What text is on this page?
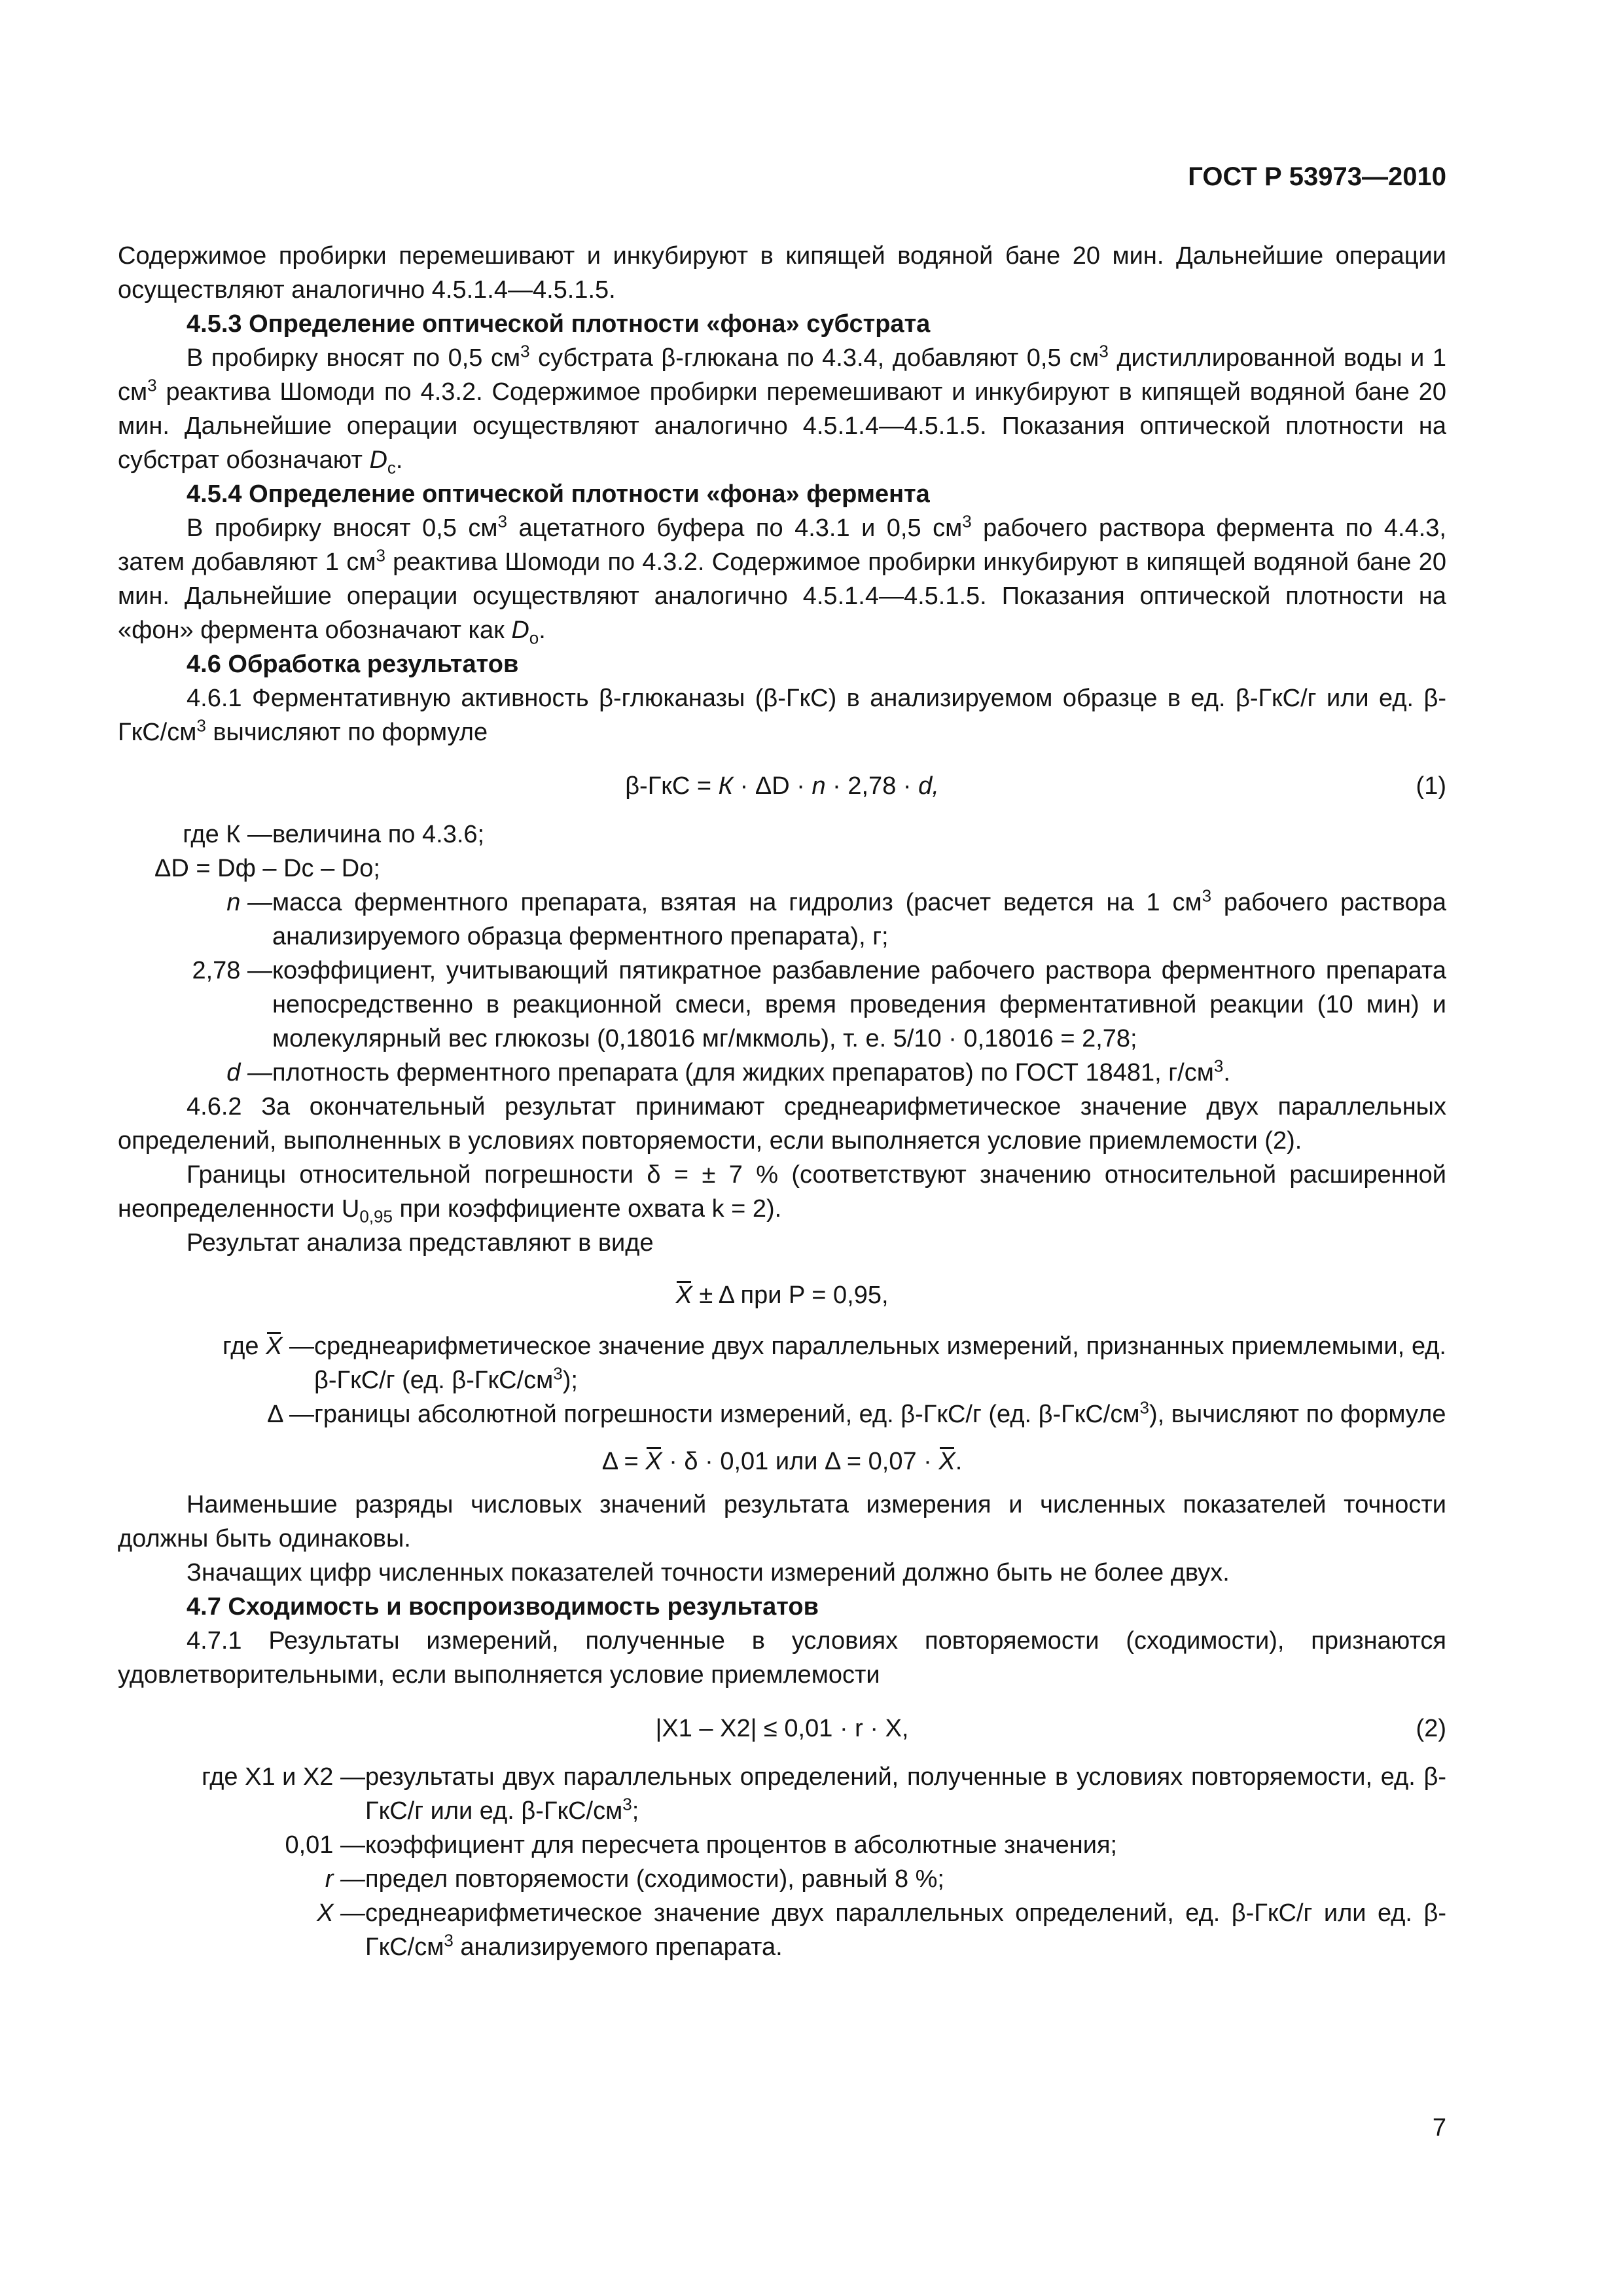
ГОСТ Р 53973—2010

Содержимое пробирки перемешивают и инкубируют в кипящей водяной бане 20 мин. Дальнейшие операции осуществляют аналогично 4.5.1.4—4.5.1.5.

4.5.3 Определение оптической плотности «фона» субстрата

В пробирку вносят по 0,5 $см^3$ субстрата β-глюкана по 4.3.4, добавляют 0,5 $см^3$ дистиллированной воды и 1 $см^3$ реактива Шомоди по 4.3.2. Содержимое пробирки перемешивают и инкубируют в кипящей водяной бане 20 мин. Дальнейшие операции осуществляют аналогично 4.5.1.4—4.5.1.5. Показания оптической плотности на субстрат обозначают $D_с$.

4.5.4 Определение оптической плотности «фона» фермента

В пробирку вносят 0,5 $см^3$ ацетатного буфера по 4.3.1 и 0,5 $см^3$ рабочего раствора фермента по 4.4.3, затем добавляют 1 $см^3$ реактива Шомоди по 4.3.2. Содержимое пробирки инкубируют в кипящей водяной бане 20 мин. Дальнейшие операции осуществляют аналогично 4.5.1.4—4.5.1.5. Показания оптической плотности на «фон» фермента обозначают как $D_о$.

4.6 Обработка результатов

4.6.1 Ферментативную активность β-глюканазы (β-ГкС) в анализируемом образце в ед. β-ГкС/г или ед. $\beta-ГкС/см^3$ вычисляют по формуле

β-ГкС = К · ΔD · n · 2,78 · d,	(1)
где К — величина по 4.3.6;
ΔD = Dф – Dс – Dо;
n — масса ферментного препарата, взятая на гидролиз (расчет ведется на 1 $см^3$ рабочего раствора анализируемого образца ферментного препарата), г;
2,78 — коэффициент, учитывающий пятикратное разбавление рабочего раствора ферментного препарата непосредственно в реакционной смеси, время проведения ферментативной реакции (10 мин) и молекулярный вес глюкозы (0,18016 мг/мкмоль), т. е. 5/10 · 0,18016 = 2,78;
d — плотность ферментного препарата (для жидких препаратов) по ГОСТ 18481, $г/см^3$.

4.6.2 За окончательный результат принимают среднеарифметическое значение двух параллельных определений, выполненных в условиях повторяемости, если выполняется условие приемлемости (2).

Границы относительной погрешности δ = ± 7 % (соответствуют значению относительной расширенной неопределенности $U_{0,95}$ при коэффициенте охвата k = 2).

Результат анализа представляют в виде

X ± Δ при P = 0,95,
где X — среднеарифметическое значение двух параллельных измерений, признанных приемлемыми, ед. β-ГкС/г (ед. $\beta-ГкС/см^3$);
Δ — границы абсолютной погрешности измерений, ед. β-ГкС/г (ед. $\beta-ГкС/см^3$), вычисляют по формуле
Δ = X · δ · 0,01 или Δ = 0,07 · X.

Наименьшие разряды числовых значений результата измерения и численных показателей точности должны быть одинаковы.

Значащих цифр численных показателей точности измерений должно быть не более двух.

4.7 Сходимость и воспроизводимость результатов

4.7.1 Результаты измерений, полученные в условиях повторяемости (сходимости), признаются удовлетворительными, если выполняется условие приемлемости

|X1 – X2| ≤ 0,01 · r · X,	(2)
где X1 и X2 — результаты двух параллельных определений, полученные в условиях повторяемости, ед. β-ГкС/г или ед. $\beta-ГкС/см^3$;
0,01 — коэффициент для пересчета процентов в абсолютные значения;
r — предел повторяемости (сходимости), равный 8 %;
X — среднеарифметическое значение двух параллельных определений, ед. β-ГкС/г или ед. $\beta-ГкС/см^3$ анализируемого препарата.
7
